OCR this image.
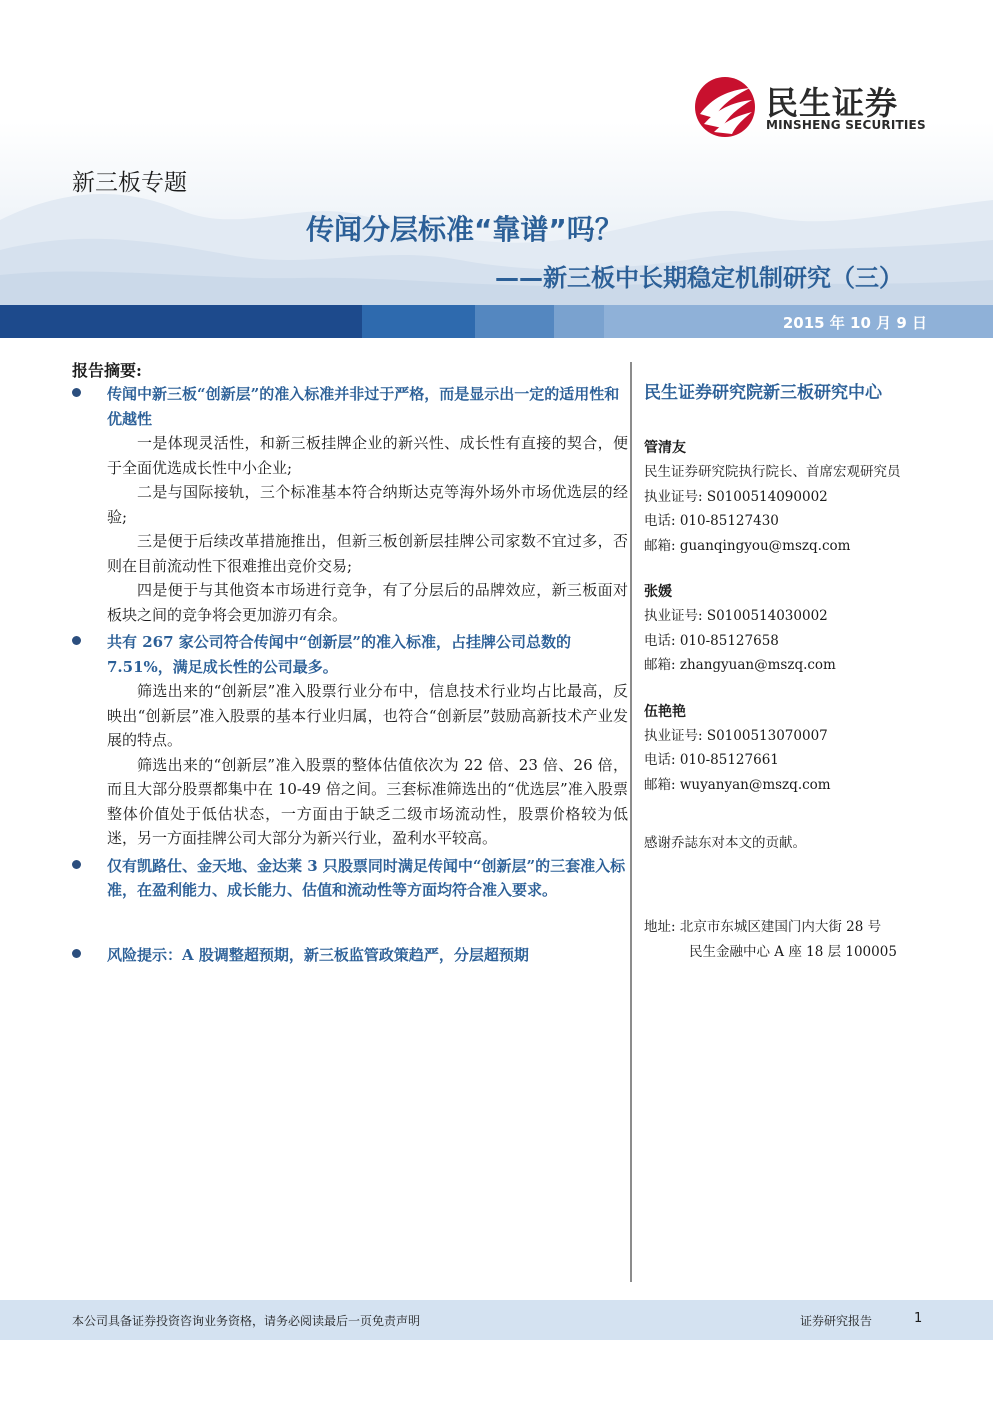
民生证券
MINSHENG SECURITIES
新三板专题
传闻分层标准“靠谱”吗？
——新三板中长期稳定机制研究（三）
2015 年 10 月 9 日
报告摘要:
传闻中新三板“创新层”的准入标准并非过于严格，而是显示出一定的适用性和优越性
一是体现灵活性，和新三板挂牌企业的新兴性、成长性有直接的契合，便于全面优选成长性中小企业;
二是与国际接轨，三个标准基本符合纳斯达克等海外场外市场优选层的经验;
三是便于后续改革措施推出，但新三板创新层挂牌公司家数不宜过多，否则在目前流动性下很难推出竞价交易;
四是便于与其他资本市场进行竞争，有了分层后的品牌效应，新三板面对板块之间的竞争将会更加游刃有余。
共有 267 家公司符合传闻中“创新层”的准入标准，占挂牌公司总数的 7.51%，满足成长性的公司最多。
筛选出来的“创新层”准入股票行业分布中，信息技术行业均占比最高，反映出“创新层”准入股票的基本行业归属，也符合“创新层”鼓励高新技术产业发展的特点。
筛选出来的“创新层”准入股票的整体估值依次为 22 倍、23 倍、26 倍，而且大部分股票都集中在 10-49 倍之间。三套标准筛选出的“优选层”准入股票整体价值处于低估状态，一方面由于缺乏二级市场流动性，股票价格较为低迷，另一方面挂牌公司大部分为新兴行业，盈利水平较高。
仅有凯路仕、金天地、金达莱 3 只股票同时满足传闻中“创新层”的三套准入标准，在盈利能力、成长能力、估值和流动性等方面均符合准入要求。
风险提示：A 股调整超预期，新三板监管政策趋严，分层超预期
民生证券研究院新三板研究中心
管清友
民生证券研究院执行院长、首席宏观研究员
执业证号: S0100514090002
电话: 010-85127430
邮箱: guanqingyou@mszq.com
张媛
执业证号: S0100514030002
电话: 010-85127658
邮箱: zhangyuan@mszq.com
伍艳艳
执业证号: S0100513070007
电话: 010-85127661
邮箱: wuyanyan@mszq.com
感谢乔誌东对本文的贡献。
地址: 北京市东城区建国门内大街 28 号
民生金融中心 A 座 18 层 100005
本公司具备证券投资咨询业务资格，请务必阅读最后一页免责声明	证券研究报告	1
